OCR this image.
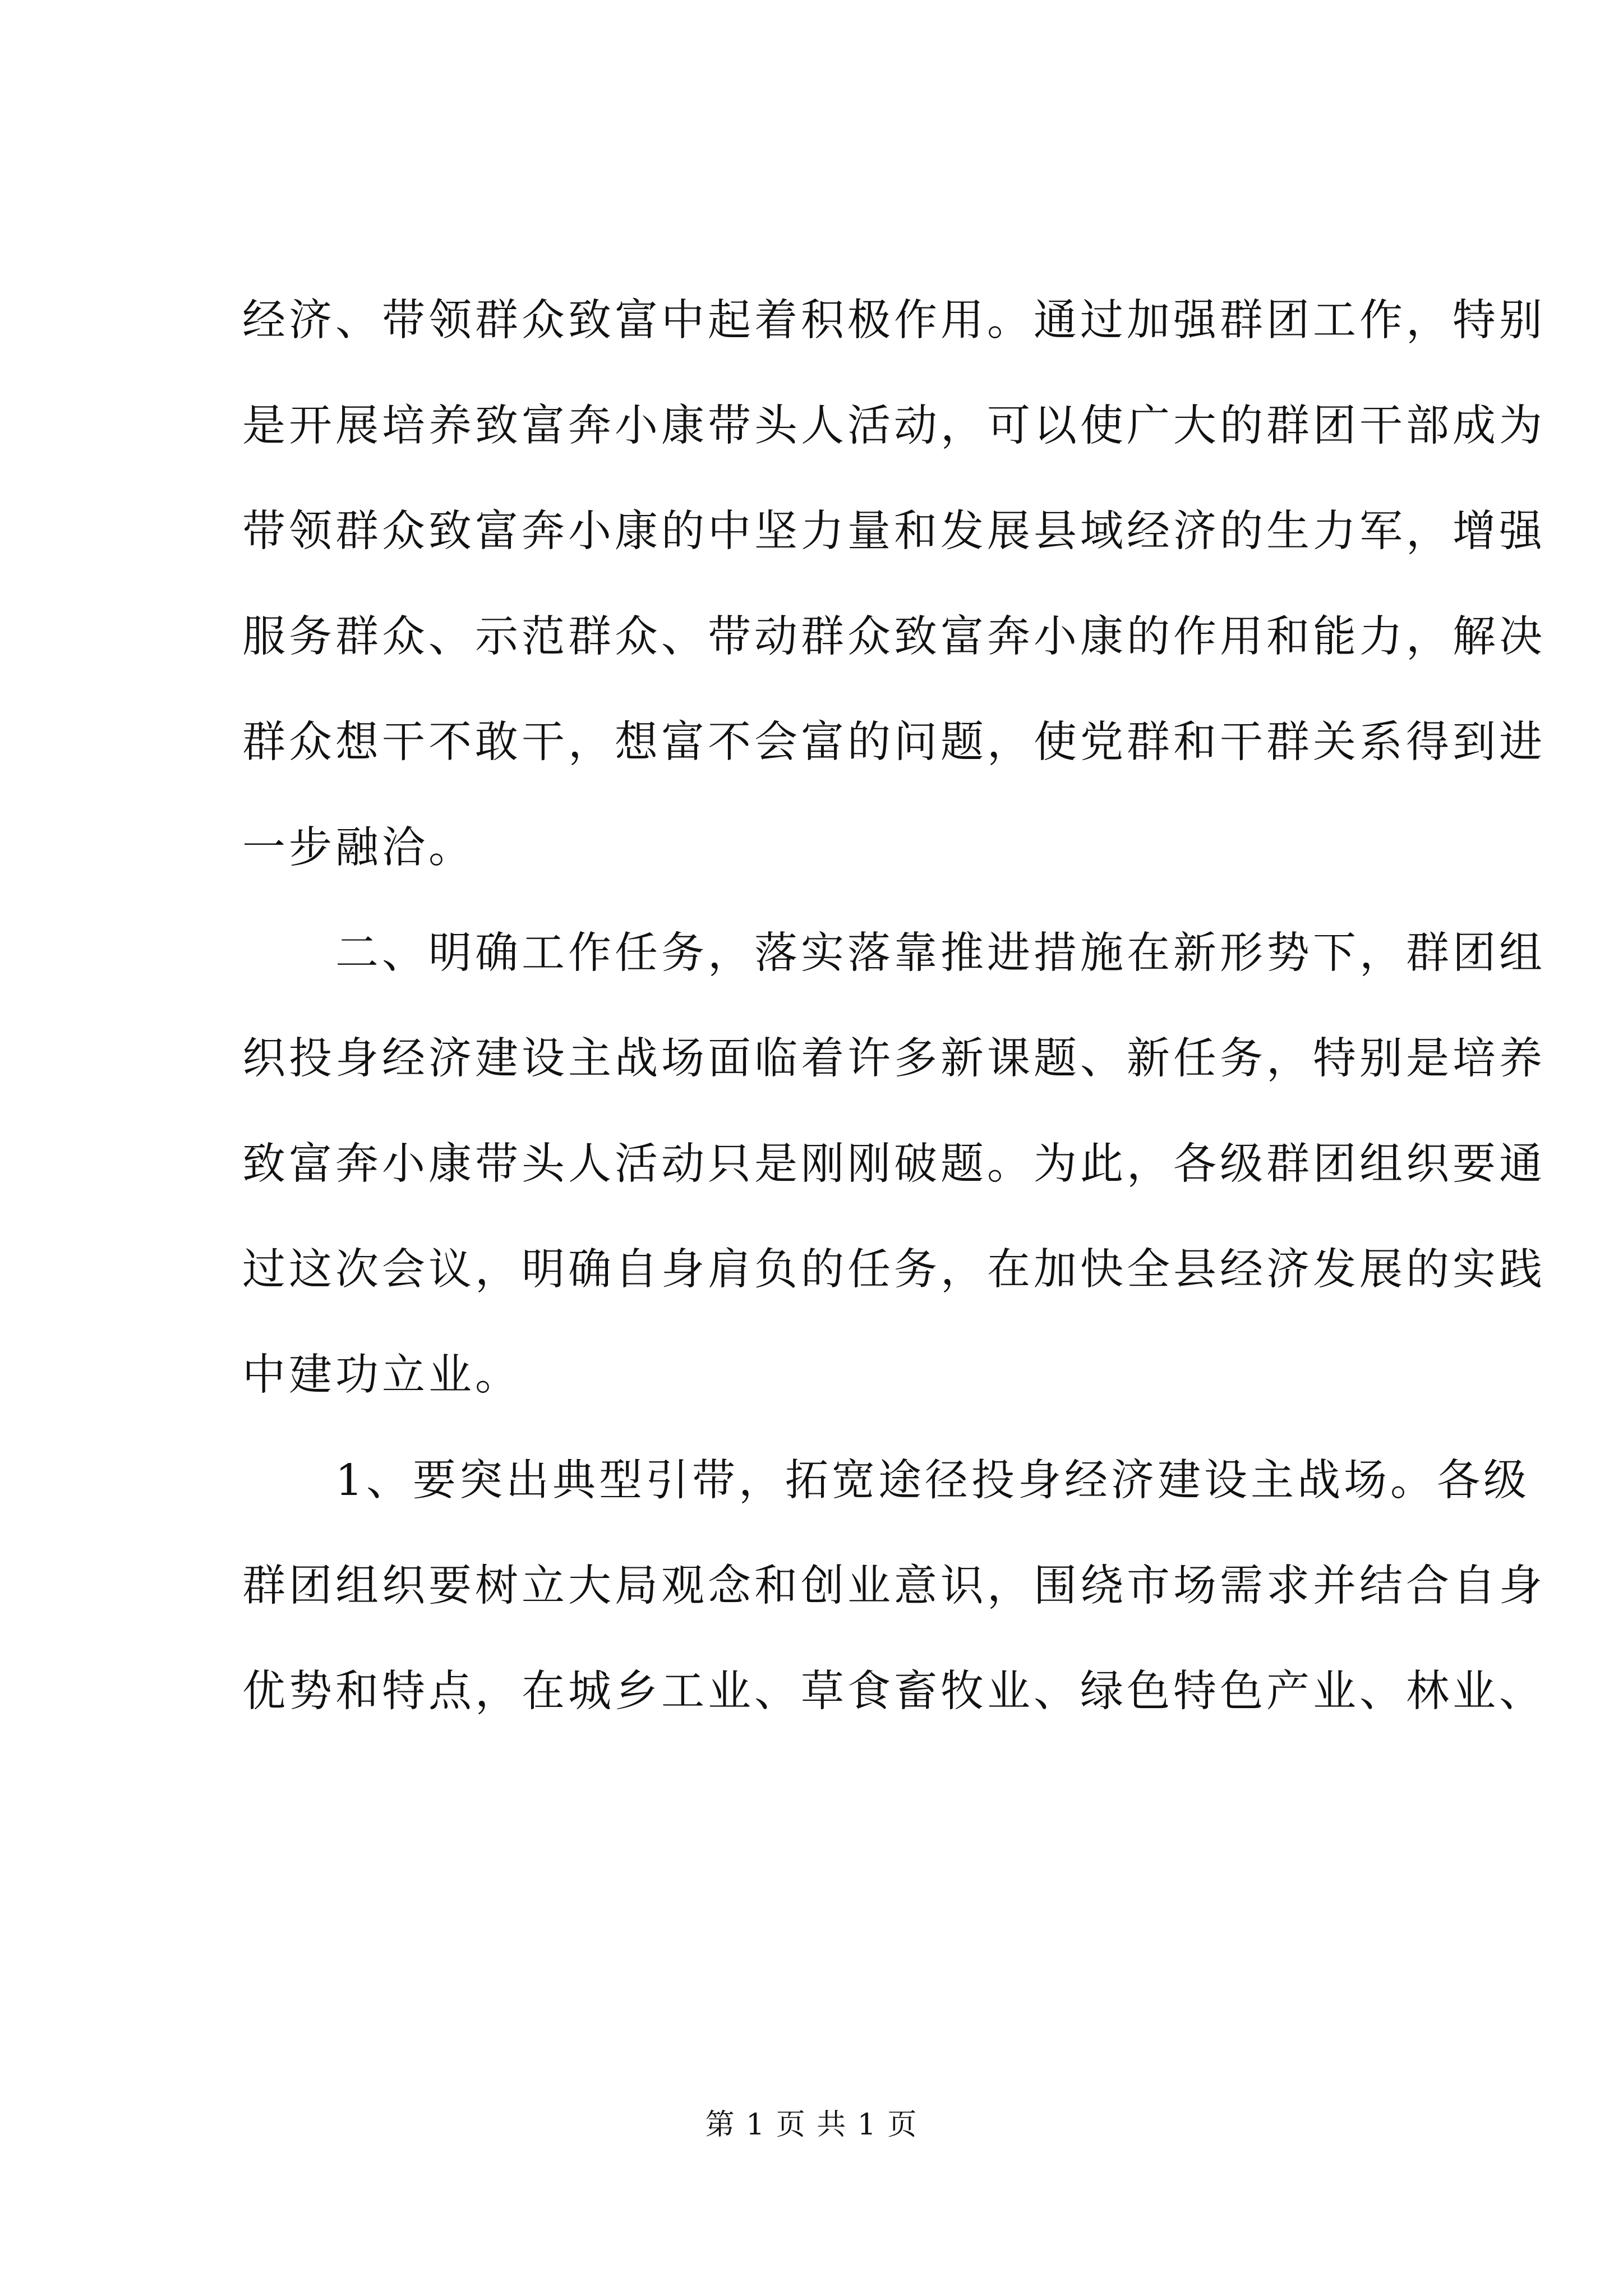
经济、带领群众致富中起着积极作用。通过加强群团工作，特别
是开展培养致富奔小康带头人活动，可以使广大的群团干部成为
带领群众致富奔小康的中坚力量和发展县域经济的生力军，增强
服务群众、示范群众、带动群众致富奔小康的作用和能力，解决
群众想干不敢干，想富不会富的问题，使党群和干群关系得到进
一步融洽。
　　二、明确工作任务，落实落靠推进措施在新形势下，群团组
织投身经济建设主战场面临着许多新课题、新任务，特别是培养
致富奔小康带头人活动只是刚刚破题。为此，各级群团组织要通
过这次会议，明确自身肩负的任务，在加快全县经济发展的实践
中建功立业。
　　1、要突出典型引带，拓宽途径投身经济建设主战场。各级
群团组织要树立大局观念和创业意识，围绕市场需求并结合自身
优势和特点，在城乡工业、草食畜牧业、绿色特色产业、林业、
第 1 页 共 1 页
